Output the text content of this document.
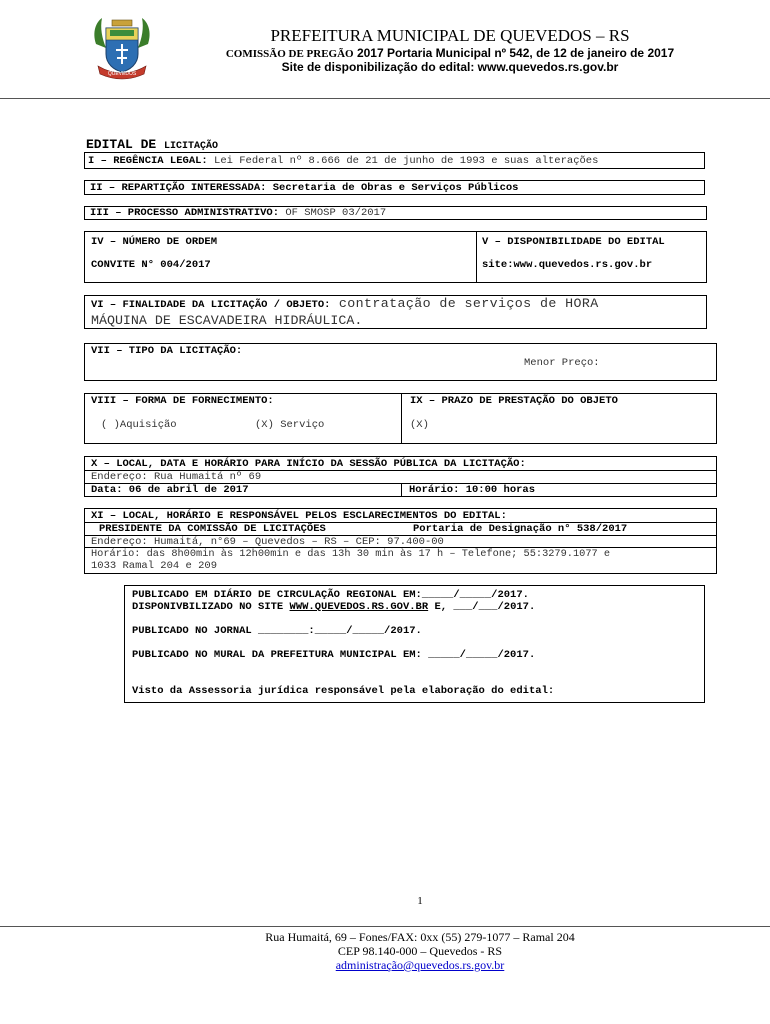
QUEVEDOS
PREFEITURA MUNICIPAL DE QUEVEDOS – RS
COMISSÃO DE PREGÃO 2017 Portaria Municipal nº 542, de 12 de janeiro de 2017
Site de disponibilização do edital: www.quevedos.rs.gov.br
EDITAL DE LICITAÇÃO
I – REGÊNCIA LEGAL: Lei Federal nº 8.666 de 21 de junho de 1993 e suas alterações
II – REPARTIÇÃO INTERESSADA: Secretaria de Obras e Serviços Públicos
III – PROCESSO ADMINISTRATIVO: OF SMOSP 03/2017
IV – NÚMERO DE ORDEM
CONVITE N° 004/2017
V – DISPONIBILIDADE DO EDITAL
site:www.quevedos.rs.gov.br
VI – FINALIDADE DA LICITAÇÃO / OBJETO: contratação de serviços de HORA
MÁQUINA DE ESCAVADEIRA HIDRÁULICA.
VII – TIPO DA LICITAÇÃO:
Menor Preço:
VIII – FORMA DE FORNECIMENTO:
( )Aquisição	(X) Serviço
IX – PRAZO DE PRESTAÇÃO DO OBJETO
(X)
X – LOCAL, DATA E HORÁRIO PARA INÍCIO DA SESSÃO PÚBLICA DA LICITAÇÃO:
Endereço: Rua Humaitá nº 69
Data: 06 de abril de 2017	Horário: 10:00 horas
XI – LOCAL, HORÁRIO E RESPONSÁVEL PELOS ESCLARECIMENTOS DO EDITAL:
PRESIDENTE DA COMISSÃO DE LICITAÇÕES	Portaria de Designação n° 538/2017
Endereço: Humaitá, n°69 – Quevedos – RS – CEP: 97.400-00
Horário: das 8h00min às 12h00min e das 13h 30 min às 17 h – Telefone; 55:3279.1077 e
1033 Ramal 204 e 209
PUBLICADO EM DIÁRIO DE CIRCULAÇÃO REGIONAL EM:_____/_____/2017.
DISPONIVBILIZADO NO SITE WWW.QUEVEDOS.RS.GOV.BR E, ___/___/2017.
PUBLICADO NO JORNAL ________:_____/_____/2017.
PUBLICADO NO MURAL DA PREFEITURA MUNICIPAL EM: _____/_____/2017.
Visto da Assessoria jurídica responsável pela elaboração do edital:
1
Rua Humaitá, 69 – Fones/FAX: 0xx (55) 279-1077 – Ramal 204
CEP 98.140-000 – Quevedos - RS
administração@quevedos.rs.gov.br
